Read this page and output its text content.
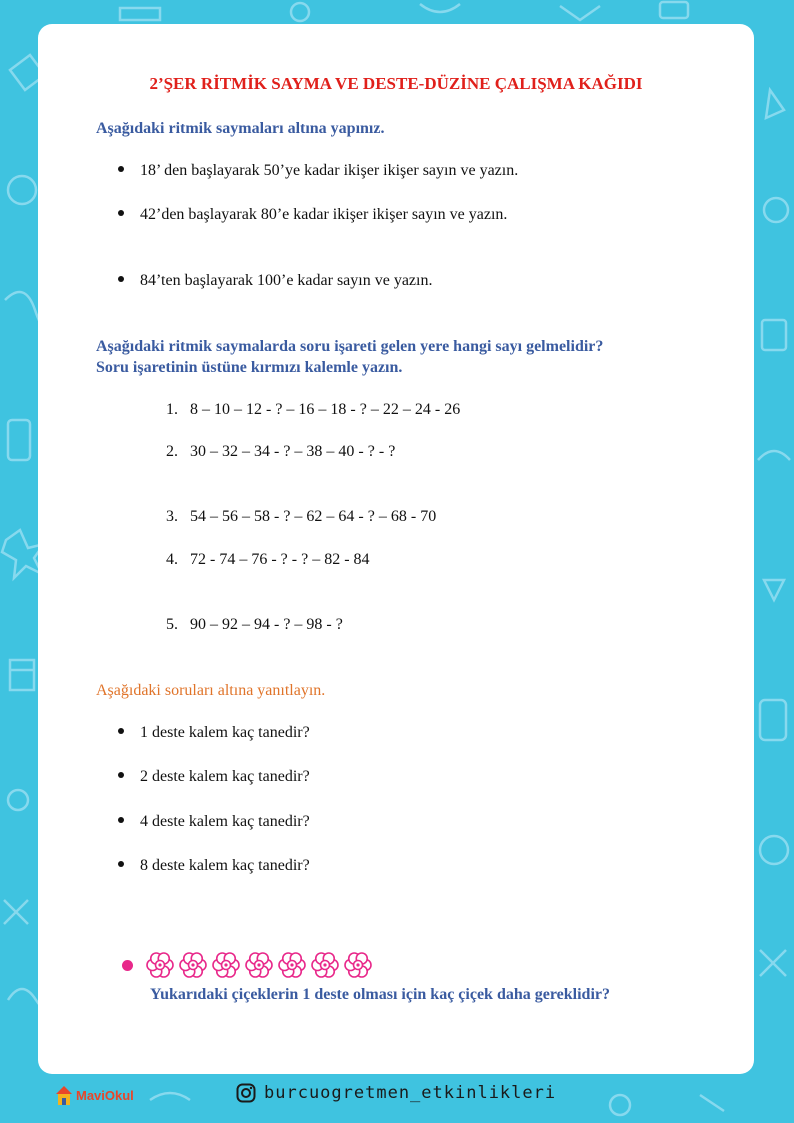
2’ŞER RİTMİK SAYMA VE DESTE-DÜZİNE ÇALIŞMA KAĞIDI

Aşağıdaki ritmik saymaları altına yapınız.

18’ den başlayarak 50’ye kadar ikişer ikişer sayın ve yazın.

42’den başlayarak 80’e kadar ikişer ikişer sayın ve yazın.

84’ten başlayarak 100’e kadar sayın ve yazın.

Aşağıdaki ritmik saymalarda soru işareti gelen yere hangi sayı gelmelidir?

Soru işaretinin üstüne kırmızı kalemle yazın.

1. 8 – 10 – 12 - ? – 16 – 18 - ? – 22 – 24 - 26

2. 30 – 32 – 34 - ? – 38 – 40 - ? - ?

3. 54 – 56 – 58 - ? – 62 – 64 - ? – 68 - 70

4. 72 - 74 – 76 - ? - ? – 82 - 84

5. 90 – 92 – 94 - ? – 98 - ?

Aşağıdaki soruları altına yanıtlayın.

1 deste kalem kaç tanedir?

2 deste kalem kaç tanedir?

4 deste kalem kaç tanedir?

8 deste kalem kaç tanedir?

Yukarıdaki çiçeklerin 1 deste olması için kaç çiçek daha gereklidir?

MaviOkul	burcuogretmen_etkinlikleri
